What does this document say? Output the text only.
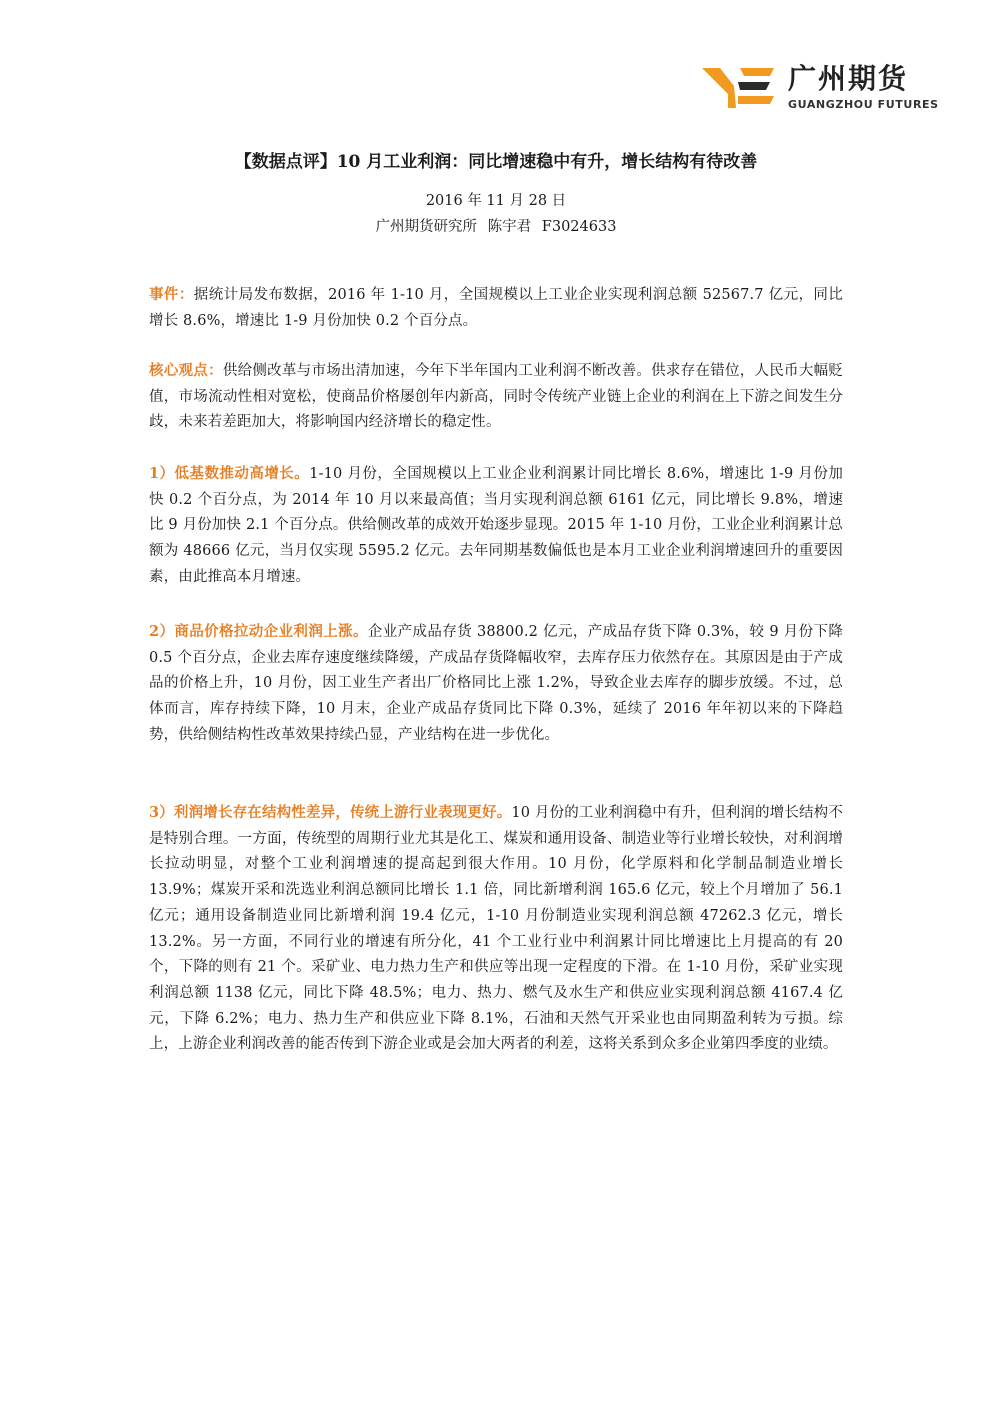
广州期货
GUANGZHOU FUTURES
【数据点评】10 月工业利润：同比增速稳中有升，增长结构有待改善
2016 年 11 月 28 日
广州期货研究所 陈宇君 F3024633
事件：据统计局发布数据，2016 年 1-10 月，全国规模以上工业企业实现利润总额 52567.7 亿元，同比增长 8.6%，增速比 1-9 月份加快 0.2 个百分点。
核心观点：供给侧改革与市场出清加速，今年下半年国内工业利润不断改善。供求存在错位，人民币大幅贬值，市场流动性相对宽松，使商品价格屡创年内新高，同时令传统产业链上企业的利润在上下游之间发生分歧，未来若差距加大，将影响国内经济增长的稳定性。
1）低基数推动高增长。1-10 月份，全国规模以上工业企业利润累计同比增长 8.6%，增速比 1-9 月份加快 0.2 个百分点，为 2014 年 10 月以来最高值；当月实现利润总额 6161 亿元，同比增长 9.8%，增速比 9 月份加快 2.1 个百分点。供给侧改革的成效开始逐步显现。2015 年 1-10 月份，工业企业利润累计总额为 48666 亿元，当月仅实现 5595.2 亿元。去年同期基数偏低也是本月工业企业利润增速回升的重要因素，由此推高本月增速。
2）商品价格拉动企业利润上涨。企业产成品存货 38800.2 亿元，产成品存货下降 0.3%，较 9 月份下降 0.5 个百分点，企业去库存速度继续降缓，产成品存货降幅收窄，去库存压力依然存在。其原因是由于产成品的价格上升，10 月份，因工业生产者出厂价格同比上涨 1.2%，导致企业去库存的脚步放缓。不过，总体而言，库存持续下降，10 月末，企业产成品存货同比下降 0.3%，延续了 2016 年年初以来的下降趋势，供给侧结构性改革效果持续凸显，产业结构在进一步优化。
3）利润增长存在结构性差异，传统上游行业表现更好。10 月份的工业利润稳中有升，但利润的增长结构不是特别合理。一方面，传统型的周期行业尤其是化工、煤炭和通用设备、制造业等行业增长较快，对利润增长拉动明显，对整个工业利润增速的提高起到很大作用。10 月份，化学原料和化学制品制造业增长 13.9%；煤炭开采和洗选业利润总额同比增长 1.1 倍，同比新增利润 165.6 亿元，较上个月增加了 56.1 亿元；通用设备制造业同比新增利润 19.4 亿元，1-10 月份制造业实现利润总额 47262.3 亿元，增长 13.2%。另一方面，不同行业的增速有所分化，41 个工业行业中利润累计同比增速比上月提高的有 20 个，下降的则有 21 个。采矿业、电力热力生产和供应等出现一定程度的下滑。在 1-10 月份，采矿业实现利润总额 1138 亿元，同比下降 48.5%；电力、热力、燃气及水生产和供应业实现利润总额 4167.4 亿元，下降 6.2%；电力、热力生产和供应业下降 8.1%，石油和天然气开采业也由同期盈利转为亏损。综上，上游企业利润改善的能否传到下游企业或是会加大两者的利差，这将关系到众多企业第四季度的业绩。
